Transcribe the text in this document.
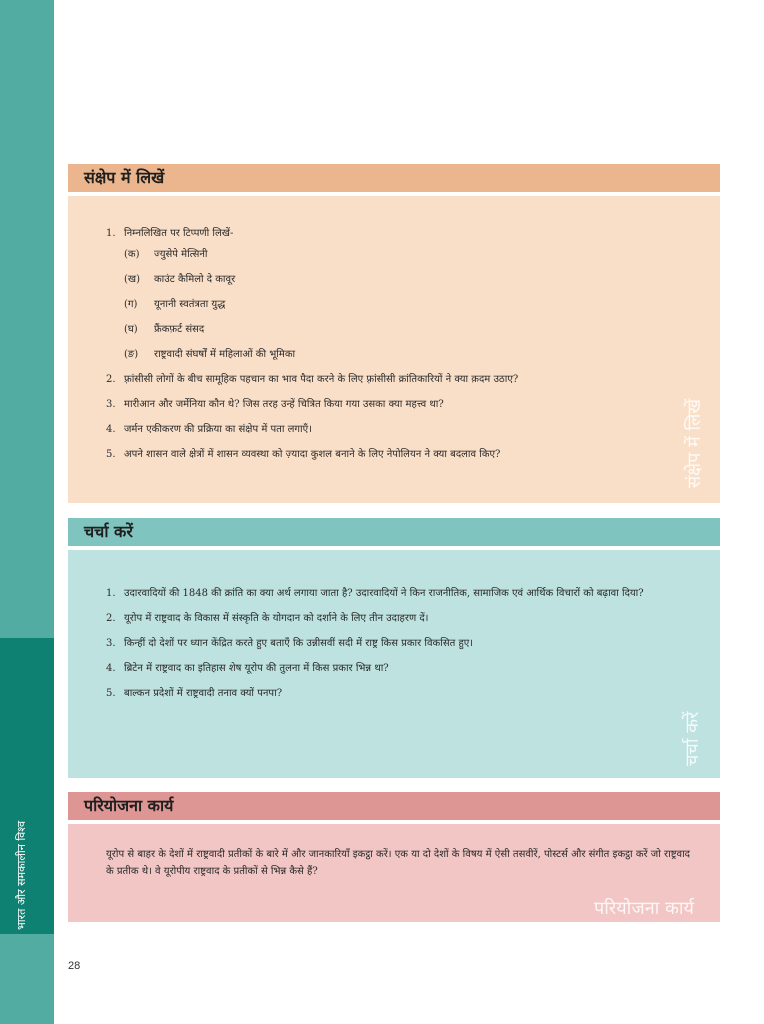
भारत और समकालीन विश्व
28
संक्षेप में लिखें
1. निम्नलिखित पर टिप्पणी लिखें-
(क) ज्युसेपे मेत्सिनी
(ख) काउंट कैमिलो दे कावूर
(ग) यूनानी स्वतंत्रता युद्ध
(घ) फ्रैंकफ़र्ट संसद
(ङ) राष्ट्रवादी संघर्षों में महिलाओं की भूमिका
2. फ़्रांसीसी लोगों के बीच सामूहिक पहचान का भाव पैदा करने के लिए फ़्रांसीसी क्रांतिकारियों ने क्या क़दम उठाए?
3. मारीआन और जर्मेनिया कौन थे? जिस तरह उन्हें चित्रित किया गया उसका क्या महत्त्व था?
4. जर्मन एकीकरण की प्रक्रिया का संक्षेप में पता लगाएँ।
5. अपने शासन वाले क्षेत्रों में शासन व्यवस्था को ज़्यादा कुशल बनाने के लिए नेपोलियन ने क्या बदलाव किए?	संक्षेप में लिखें
चर्चा करें
1. उदारवादियों की 1848 की क्रांति का क्या अर्थ लगाया जाता है? उदारवादियों ने किन राजनीतिक, सामाजिक एवं आर्थिक विचारों को बढ़ावा दिया?
2. यूरोप में राष्ट्रवाद के विकास में संस्कृति के योगदान को दर्शाने के लिए तीन उदाहरण दें।
3. किन्हीं दो देशों पर ध्यान केंद्रित करते हुए बताएँ कि उन्नीसवीं सदी में राष्ट्र किस प्रकार विकसित हुए।
4. ब्रिटेन में राष्ट्रवाद का इतिहास शेष यूरोप की तुलना में किस प्रकार भिन्न था?
5. बाल्कन प्रदेशों में राष्ट्रवादी तनाव क्यों पनपा?
चर्चा करें
परियोजना कार्य
यूरोप से बाहर के देशों में राष्ट्रवादी प्रतीकों के बारे में और जानकारियाँ इकट्ठा करें। एक या दो देशों के विषय में ऐसी तसवीरें, पोस्टर्स और संगीत इकट्ठा करें जो राष्ट्रवाद के प्रतीक थे। वे यूरोपीय राष्ट्रवाद के प्रतीकों से भिन्न कैसे हैं?
परियोजना कार्य
